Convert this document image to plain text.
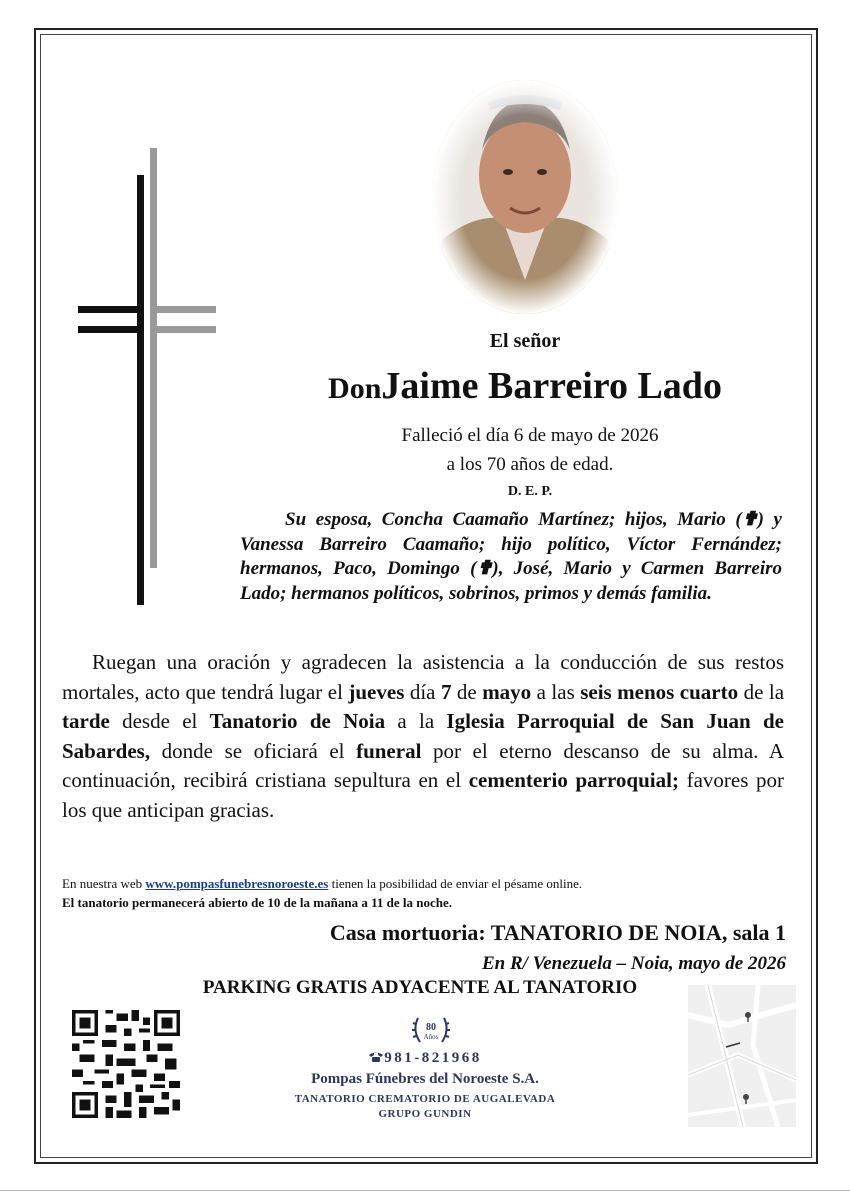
El señor
DonJaime Barreiro Lado
Falleció el día 6 de mayo de 2026
a los 70 años de edad.
D. E. P.

Su esposa, Concha Caamaño Martínez; hijos, Mario (✟) y Vanessa Barreiro Caamaño; hijo político, Víctor Fernández; hermanos, Paco, Domingo (✟), José, Mario y Carmen Barreiro Lado; hermanos políticos, sobrinos, primos y demás familia.

Ruegan una oración y agradecen la asistencia a la conducción de sus restos mortales, acto que tendrá lugar el jueves día 7 de mayo a las seis menos cuarto de la tarde desde el Tanatorio de Noia a la Iglesia Parroquial de San Juan de Sabardes, donde se oficiará el funeral por el eterno descanso de su alma. A continuación, recibirá cristiana sepultura en el cementerio parroquial; favores por los que anticipan gracias.

En nuestra web www.pompasfunebresnoroeste.es tienen la posibilidad de enviar el pésame online.
El tanatorio permanecerá abierto de 10 de la mañana a 11 de la noche.
Casa mortuoria: TANATORIO DE NOIA, sala 1
En R/ Venezuela – Noia, mayo de 2026
PARKING GRATIS ADYACENTE AL TANATORIO
80
Años
981-821968
Pompas Fúnebres del Noroeste S.A.
TANATORIO CREMATORIO DE AUGALEVADA
GRUPO GUNDIN
